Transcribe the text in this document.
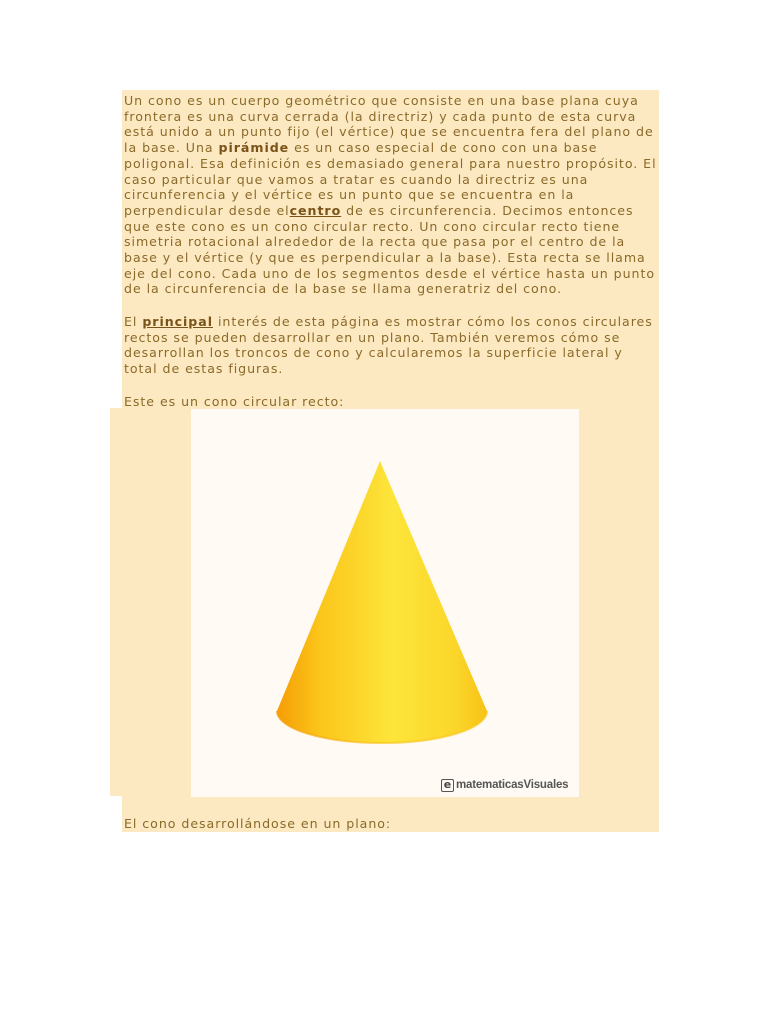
Un cono es un cuerpo geométrico que consiste en una base plana cuya frontera es una curva cerrada (la directriz) y cada punto de esta curva está unido a un punto fijo (el vértice) que se encuentra fera del plano de la base. Una pirámide es un caso especial de cono con una base poligonal. Esa definición es demasiado general para nuestro propósito. El caso particular que vamos a tratar es cuando la directriz es una circunferencia y el vértice es un punto que se encuentra en la perpendicular desde elcentro de es circunferencia. Decimos entonces que este cono es un cono circular recto. Un cono circular recto tiene simetria rotacional alrededor de la recta que pasa por el centro de la base y el vértice (y que es perpendicular a la base). Esta recta se llama eje del cono. Cada uno de los segmentos desde el vértice hasta un punto de la circunferencia de la base se llama generatriz del cono.

El principal interés de esta página es mostrar cómo los conos circulares rectos se pueden desarrollar en un plano. También veremos cómo se desarrollan los troncos de cono y calcularemos la superficie lateral y total de estas figuras.

Este es un cono circular recto:

e matematicasVisuales

El cono desarrollándose en un plano:
